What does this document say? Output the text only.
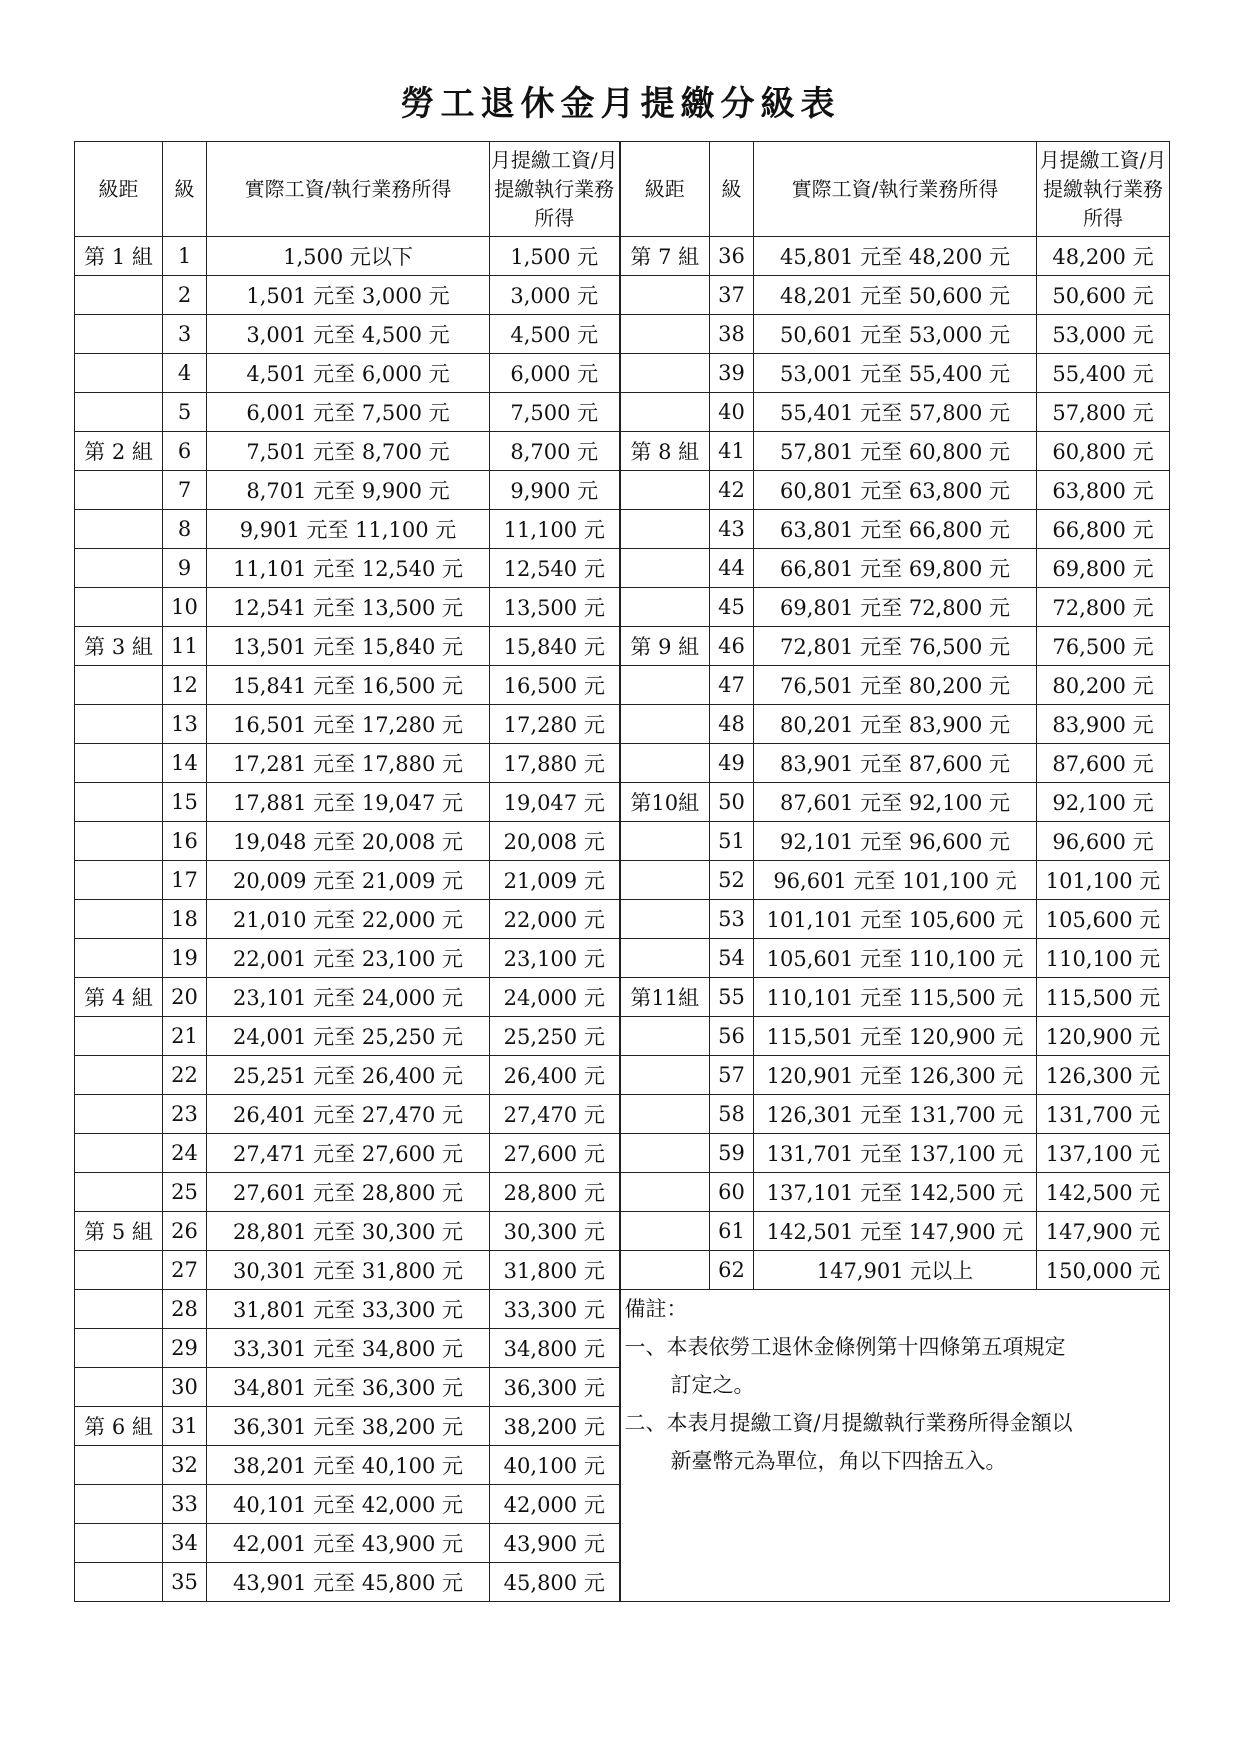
勞工退休金月提繳分級表
級距	級	實際工資/執行業務所得	月提繳工資/月提繳執行業務所得	級距	級	實際工資/執行業務所得	月提繳工資/月提繳執行業務所得
第 1 組	1	1,500 元以下	1,500 元	第 7 組	36	45,801 元至 48,200 元	48,200 元
	2	1,501 元至 3,000 元	3,000 元		37	48,201 元至 50,600 元	50,600 元
	3	3,001 元至 4,500 元	4,500 元		38	50,601 元至 53,000 元	53,000 元
	4	4,501 元至 6,000 元	6,000 元		39	53,001 元至 55,400 元	55,400 元
	5	6,001 元至 7,500 元	7,500 元		40	55,401 元至 57,800 元	57,800 元
第 2 組	6	7,501 元至 8,700 元	8,700 元	第 8 組	41	57,801 元至 60,800 元	60,800 元
	7	8,701 元至 9,900 元	9,900 元		42	60,801 元至 63,800 元	63,800 元
	8	9,901 元至 11,100 元	11,100 元		43	63,801 元至 66,800 元	66,800 元
	9	11,101 元至 12,540 元	12,540 元		44	66,801 元至 69,800 元	69,800 元
	10	12,541 元至 13,500 元	13,500 元		45	69,801 元至 72,800 元	72,800 元
第 3 組	11	13,501 元至 15,840 元	15,840 元	第 9 組	46	72,801 元至 76,500 元	76,500 元
	12	15,841 元至 16,500 元	16,500 元		47	76,501 元至 80,200 元	80,200 元
	13	16,501 元至 17,280 元	17,280 元		48	80,201 元至 83,900 元	83,900 元
	14	17,281 元至 17,880 元	17,880 元		49	83,901 元至 87,600 元	87,600 元
	15	17,881 元至 19,047 元	19,047 元	第10組	50	87,601 元至 92,100 元	92,100 元
	16	19,048 元至 20,008 元	20,008 元		51	92,101 元至 96,600 元	96,600 元
	17	20,009 元至 21,009 元	21,009 元		52	96,601 元至 101,100 元	101,100 元
	18	21,010 元至 22,000 元	22,000 元		53	101,101 元至 105,600 元	105,600 元
	19	22,001 元至 23,100 元	23,100 元		54	105,601 元至 110,100 元	110,100 元
第 4 組	20	23,101 元至 24,000 元	24,000 元	第11組	55	110,101 元至 115,500 元	115,500 元
	21	24,001 元至 25,250 元	25,250 元		56	115,501 元至 120,900 元	120,900 元
	22	25,251 元至 26,400 元	26,400 元		57	120,901 元至 126,300 元	126,300 元
	23	26,401 元至 27,470 元	27,470 元		58	126,301 元至 131,700 元	131,700 元
	24	27,471 元至 27,600 元	27,600 元		59	131,701 元至 137,100 元	137,100 元
	25	27,601 元至 28,800 元	28,800 元		60	137,101 元至 142,500 元	142,500 元
第 5 組	26	28,801 元至 30,300 元	30,300 元		61	142,501 元至 147,900 元	147,900 元
	27	30,301 元至 31,800 元	31,800 元		62	147,901 元以上	150,000 元
	28	31,801 元至 33,300 元	33,300 元	備註：
一、本表依勞工退休金條例第十四條第五項規定
訂定之。
二、本表月提繳工資/月提繳執行業務所得金額以
新臺幣元為單位，角以下四捨五入。			

	29	33,301 元至 34,800 元	34,800 元				
	30	34,801 元至 36,300 元	36,300 元				
第 6 組	31	36,301 元至 38,200 元	38,200 元				
	32	38,201 元至 40,100 元	40,100 元				
	33	40,101 元至 42,000 元	42,000 元				
	34	42,001 元至 43,900 元	43,900 元				
	35	43,901 元至 45,800 元	45,800 元				
